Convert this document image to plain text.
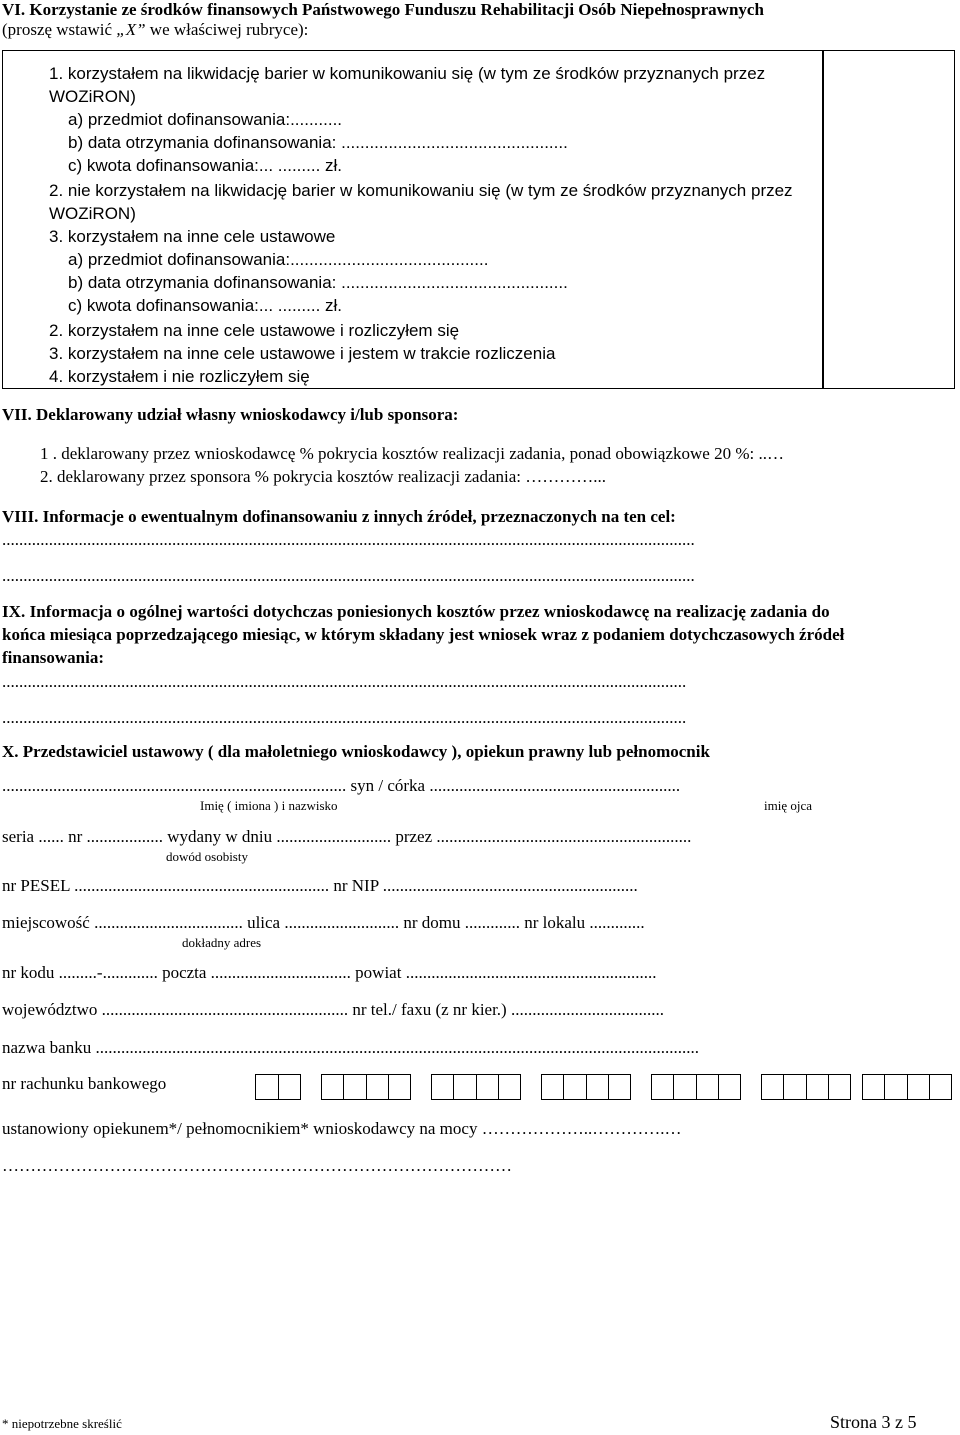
VI. Korzystanie ze środków finansowych Państwowego Funduszu Rehabilitacji Osób Niepełnosprawnych
(proszę wstawić „X” we właściwej rubryce):
1. korzystałem na likwidację barier w komunikowaniu się (w tym ze środków przyznanych przez
WOZiRON)
a) przedmiot dofinansowania:...........
b) data otrzymania dofinansowania: ................................................
c) kwota dofinansowania:... ......... zł.
2. nie korzystałem na likwidację barier w komunikowaniu się (w tym ze środków przyznanych przez
WOZiRON)
3. korzystałem na inne cele ustawowe
a) przedmiot dofinansowania:..........................................
b) data otrzymania dofinansowania: ................................................
c) kwota dofinansowania:... ......... zł.
2. korzystałem na inne cele ustawowe i rozliczyłem się
3. korzystałem na inne cele ustawowe i jestem w trakcie rozliczenia
4. korzystałem i nie rozliczyłem się
VII. Deklarowany udział własny wnioskodawcy i/lub sponsora:
1 . deklarowany przez wnioskodawcę % pokrycia kosztów realizacji zadania, ponad obowiązkowe 20 %: ..…
2. deklarowany przez sponsora % pokrycia kosztów realizacji zadania: …………...
VIII. Informacje o ewentualnym dofinansowaniu z innych źródeł, przeznaczonych na ten cel:
...................................................................................................................................................................
...................................................................................................................................................................
IX. Informacja o ogólnej wartości dotychczas poniesionych kosztów przez wnioskodawcę na realizację zadania do
końca miesiąca poprzedzającego miesiąc, w którym składany jest wniosek wraz z podaniem dotychczasowych źródeł
finansowania:
.................................................................................................................................................................
.................................................................................................................................................................
X. Przedstawiciel ustawowy ( dla małoletniego wnioskodawcy ), opiekun prawny lub pełnomocnik
................................................................................. syn / córka ...........................................................
Imię ( imiona ) i nazwisko	imię ojca
seria ...... nr .................. wydany w dniu ........................... przez ............................................................
dowód osobisty
nr PESEL ............................................................ nr NIP ............................................................
miejscowość ................................... ulica ........................... nr domu ............. nr lokalu .............
dokładny adres
nr kodu .........-............. poczta ................................. powiat ...........................................................
województwo .......................................................... nr tel./ faxu (z nr kier.) ....................................
nazwa banku ..............................................................................................................................................
nr rachunku bankowego
ustanowiony opiekunem*/ pełnomocnikiem* wnioskodawcy na mocy ………………..………….…
………………………………………………………………………………
* niepotrzebne skreślić	Strona 3 z 5
